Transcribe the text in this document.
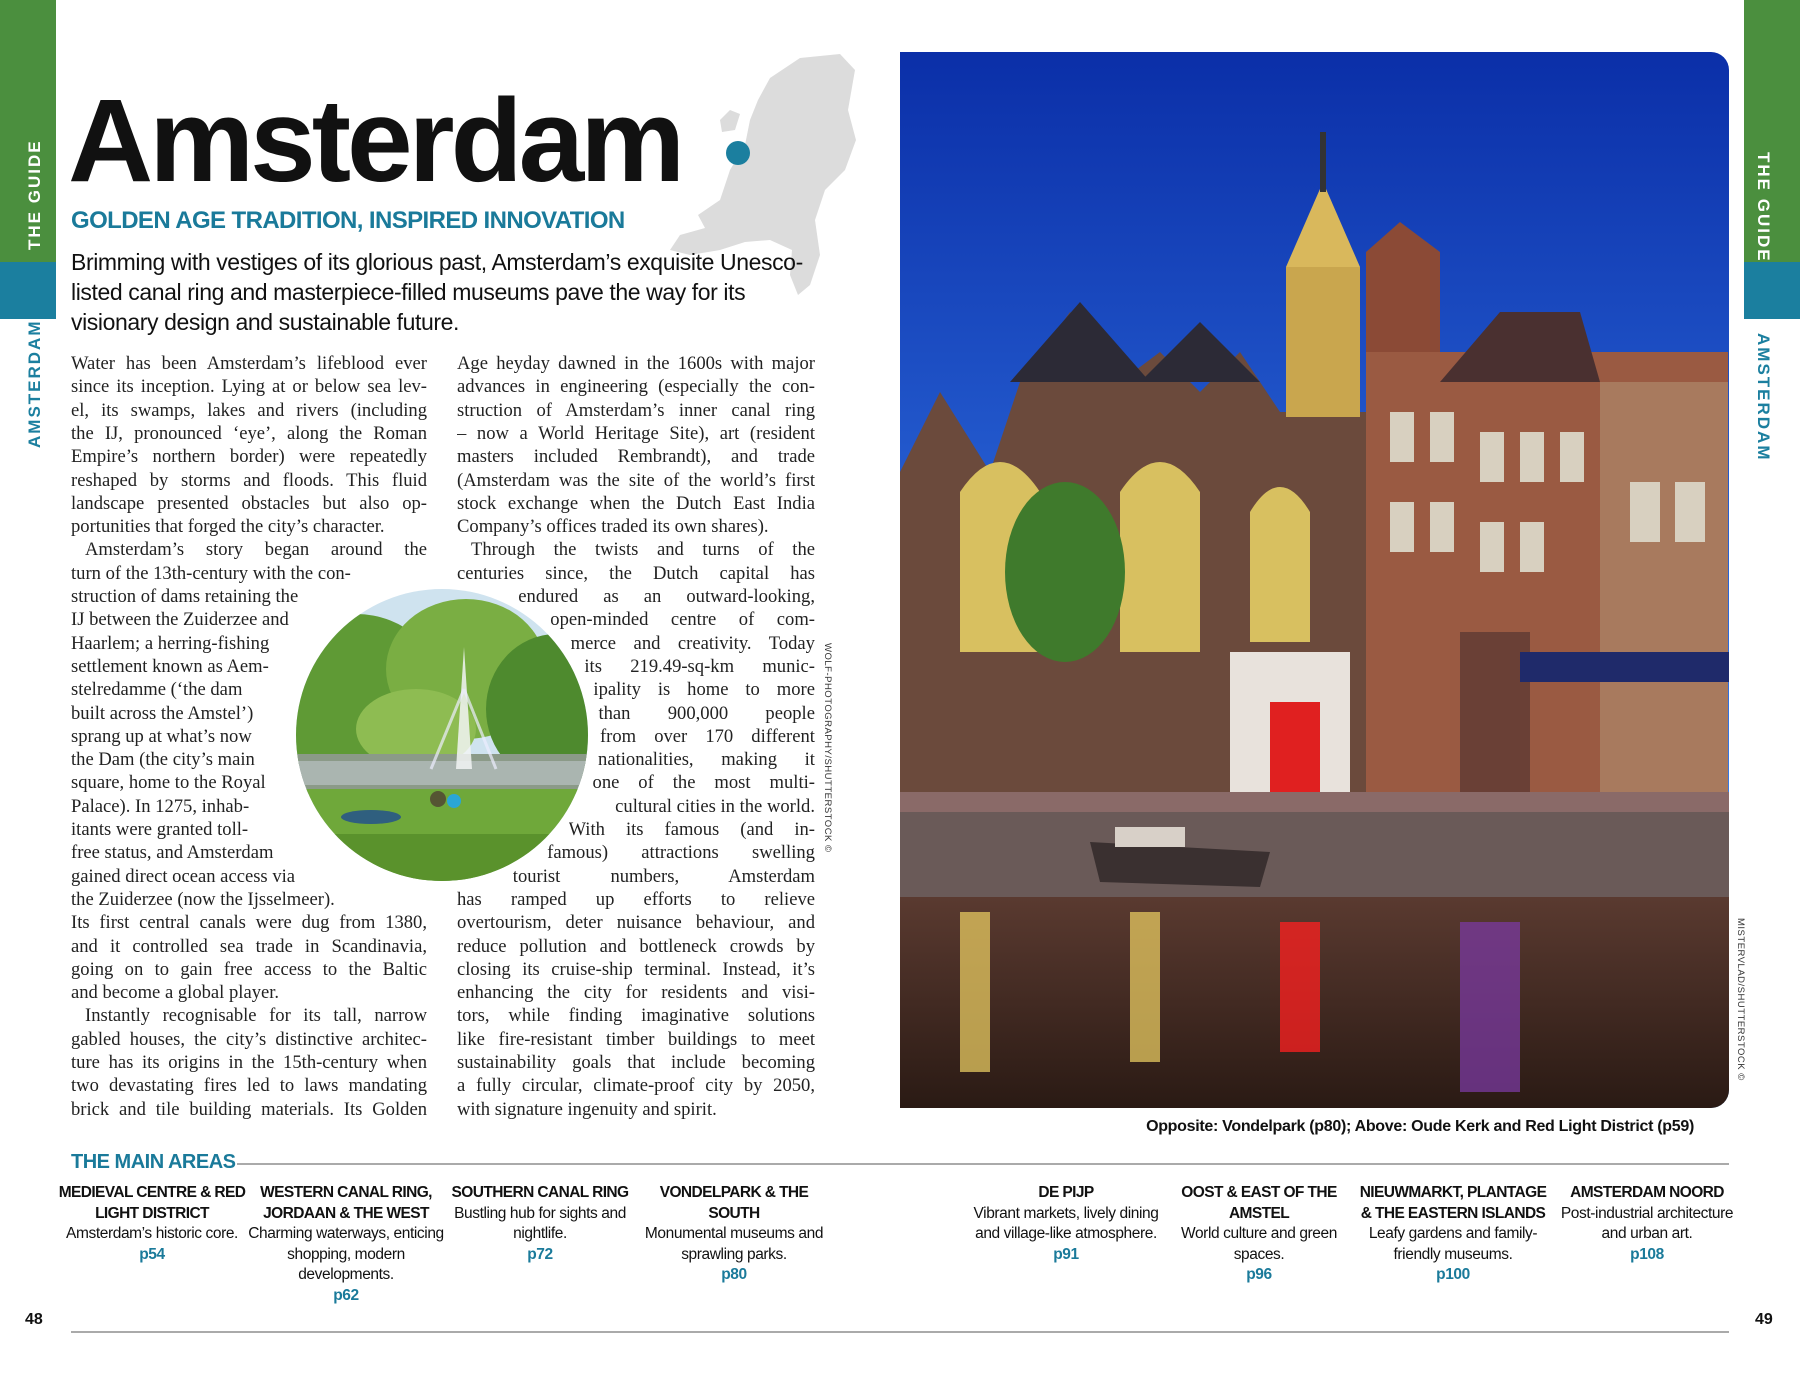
THE GUIDE
AMSTERDAM
THE GUIDE
AMSTERDAM
Amsterdam
GOLDEN AGE TRADITION, INSPIRED INNOVATION
Brimming with vestiges of its glorious past, Amsterdam’s exquisite Unesco-listed canal ring and masterpiece-filled museums pave the way for its visionary design and sustainable future.
Water has been Amsterdam’s lifeblood ever
since its inception. Lying at or below sea lev-
el, its swamps, lakes and rivers (including
the IJ, pronounced ‘eye’, along the Roman
Empire’s northern border) were repeatedly
reshaped by storms and floods. This fluid
landscape presented obstacles but also op-
portunities that forged the city’s character.
Amsterdam’s story began around the
turn of the 13th-century with the con-
struction of dams retaining the
IJ between the Zuiderzee and
Haarlem; a herring-fishing
settlement known as Aem-
stelredamme (‘the dam
built across the Amstel’)
sprang up at what’s now
the Dam (the city’s main
square, home to the Royal
Palace). In 1275, inhab-
itants were granted toll-
free status, and Amsterdam
gained direct ocean access via
the Zuiderzee (now the Ijsselmeer).
Its first central canals were dug from 1380,
and it controlled sea trade in Scandinavia,
going on to gain free access to the Baltic
and become a global player.
Instantly recognisable for its tall, narrow
gabled houses, the city’s distinctive architec-
ture has its origins in the 15th-century when
two devastating fires led to laws mandating
brick and tile building materials. Its Golden
Age heyday dawned in the 1600s with major
advances in engineering (especially the con-
struction of Amsterdam’s inner canal ring
– now a World Heritage Site), art (resident
masters included Rembrandt), and trade
(Amsterdam was the site of the world’s first
stock exchange when the Dutch East India
Company’s offices traded its own shares).
Through the twists and turns of the
centuries since, the Dutch capital has
endured as an outward-looking,
open-minded centre of com-
merce and creativity. Today
its 219.49-sq-km munic-
ipality is home to more
than 900,000 people
from over 170 different
nationalities, making it
one of the most multi-
cultural cities in the world.
With its famous (and in-
famous) attractions swelling
tourist numbers, Amsterdam
has ramped up efforts to relieve
overtourism, deter nuisance behaviour, and
reduce pollution and bottleneck crowds by
closing its cruise-ship terminal. Instead, it’s
enhancing the city for residents and visi-
tors, while finding imaginative solutions
like fire-resistant timber buildings to meet
sustainability goals that include becoming
a fully circular, climate-proof city by 2050,
with signature ingenuity and spirit.
WOLF-PHOTOGRAPHY/SHUTTERSTOCK ©
MISTERVLAD/SHUTTERSTOCK ©
Opposite: Vondelpark (p80); Above: Oude Kerk and Red Light District (p59)
THE MAIN AREAS
MEDIEVAL CENTRE & RED LIGHT DISTRICT
Amsterdam’s historic core.
p54
WESTERN CANAL RING, JORDAAN & THE WEST
Charming waterways, enticing shopping, modern developments.
p62
SOUTHERN CANAL RING
Bustling hub for sights and nightlife.
p72
VONDELPARK & THE SOUTH
Monumental museums and sprawling parks.
p80
DE PIJP
Vibrant markets, lively dining and village-like atmosphere.
p91
OOST & EAST OF THE AMSTEL
World culture and green spaces.
p96
NIEUWMARKT, PLANTAGE & THE EASTERN ISLANDS
Leafy gardens and family-friendly museums.
p100
AMSTERDAM NOORD
Post-industrial architecture and urban art.
p108
48	49
